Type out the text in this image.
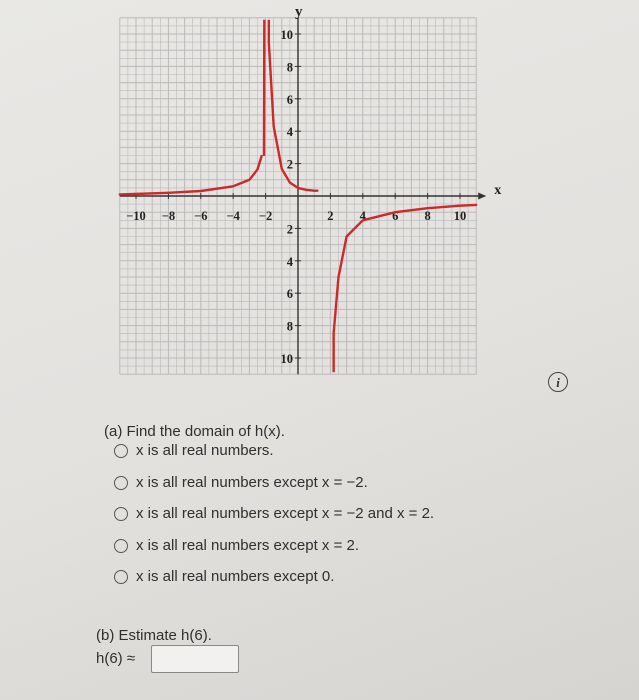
x
y
−10 −8 −6 −4 −2	2 4 6 8 10
10
8
6
4
2
2
4
6
8
10
i
(a) Find the domain of h(x).
x is all real numbers.
x is all real numbers except x = −2.
x is all real numbers except x = −2 and x = 2.
x is all real numbers except x = 2.
x is all real numbers except 0.
(b) Estimate h(6).
h(6) ≈
